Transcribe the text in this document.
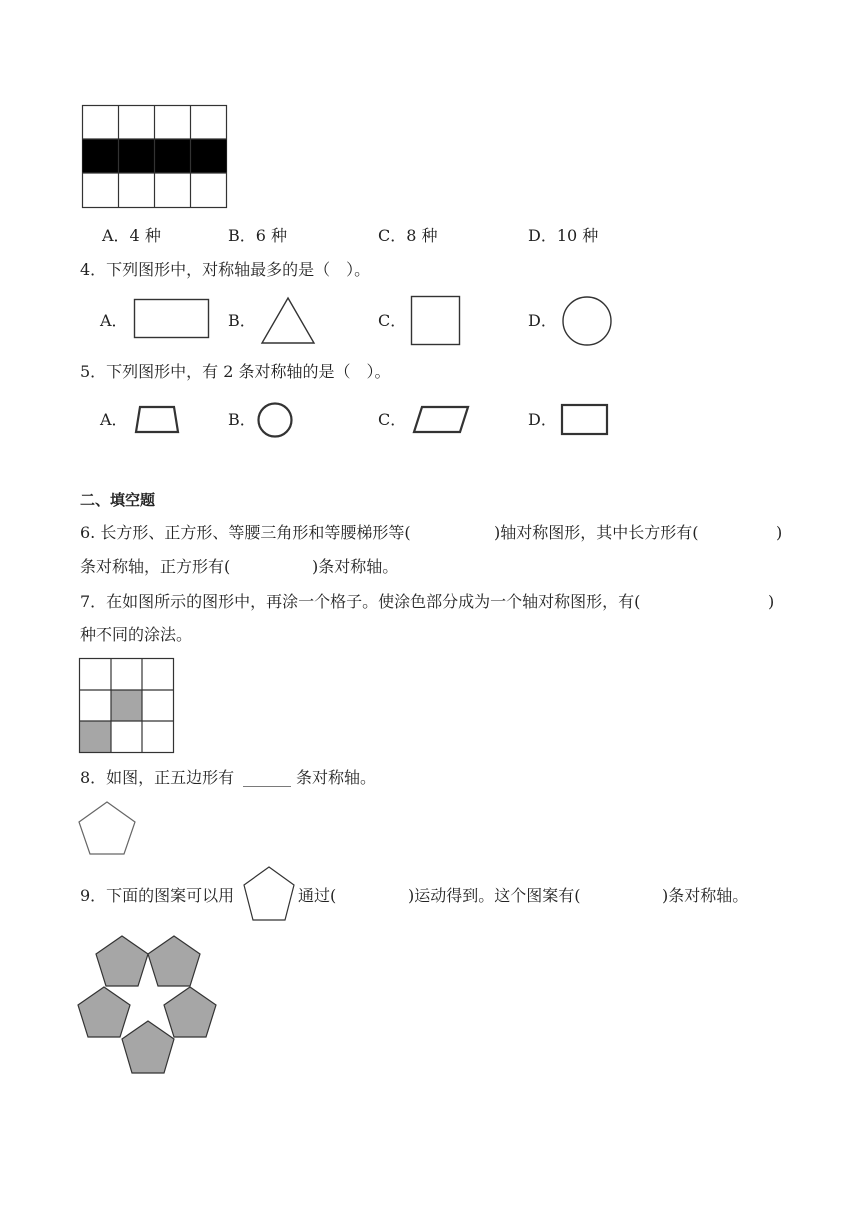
A．4 种	B．6 种	C．8 种	D．10 种
4．下列图形中，对称轴最多的是（　）。
A．	B．	C．	D．
5．下列图形中，有 2 条对称轴的是（　）。
A．	B．	C．	D．
二、填空题
6. 长方形、正方形、等腰三角形和等腰梯形等(	)轴对称图形，其中长方形有(	)
条对称轴，正方形有(	)条对称轴。
7．在如图所示的图形中，再涂一个格子。使涂色部分成为一个轴对称图形，有(	)
种不同的涂法。
8．如图，正五边形有 ______ 条对称轴。
9．下面的图案可以用	通过(	)运动得到。这个图案有(	)条对称轴。
